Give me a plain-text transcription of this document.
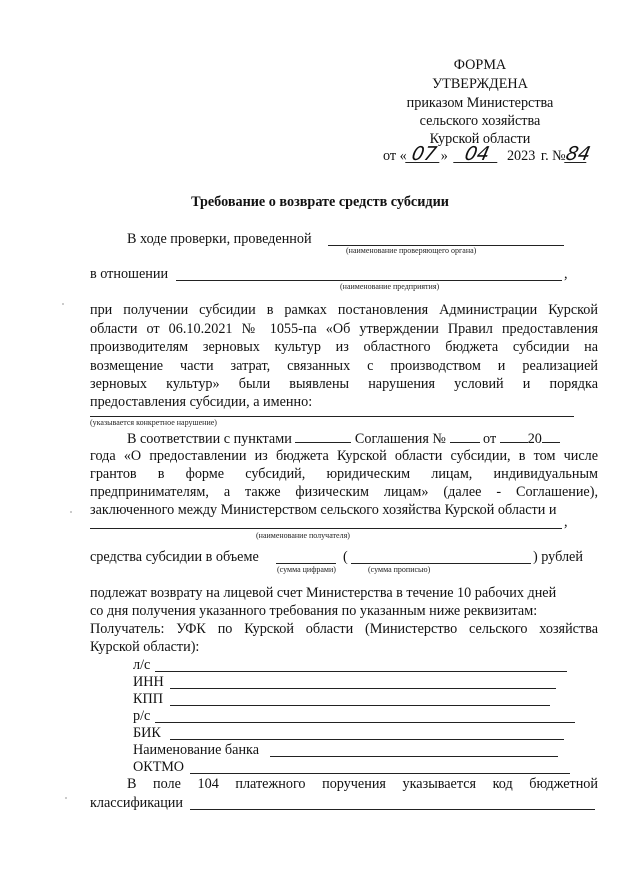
ФОРМА
УТВЕРЖДЕНА
приказом Министерства
сельского хозяйства
Курской области
от « 07 » 04 2023 г. №84
Требование о возврате средств субсидии
В ходе проверки, проведенной
(наименование проверяющего органа)
в отношении	,
(наименование предприятия)
при получении субсидии в рамках постановления Администрации Курской
области от 06.10.2021 № 1055-па «Об утверждении Правил предоставления
производителям зерновых культур из областного бюджета субсидии на
возмещение части затрат, связанных с производством и реализацией
зерновых культур» были выявлены нарушения условий и порядка
предоставления субсидии, а именно:
(указывается конкретное нарушение)
В соответствии с пунктами	Соглашения №	от 20
года «О предоставлении из бюджета Курской области субсидии, в том числе
грантов в форме субсидий, юридическим лицам, индивидуальным
предпринимателям, а также физическим лицам» (далее - Соглашение),
заключенного между Министерством сельского хозяйства Курской области и
,
(наименование получателя)
средства субсидии в объеме	(	) рублей
(сумма цифрами)	(сумма прописью)
подлежат возврату на лицевой счет Министерства в течение 10 рабочих дней
со дня получения указанного требования по указанным ниже реквизитам:
Получатель: УФК по Курской области (Министерство сельского хозяйства
Курской области):
л/с
ИНН
КПП
р/с
БИК
Наименование банка
ОКТМО
В поле 104 платежного поручения указывается код бюджетной
классификации
